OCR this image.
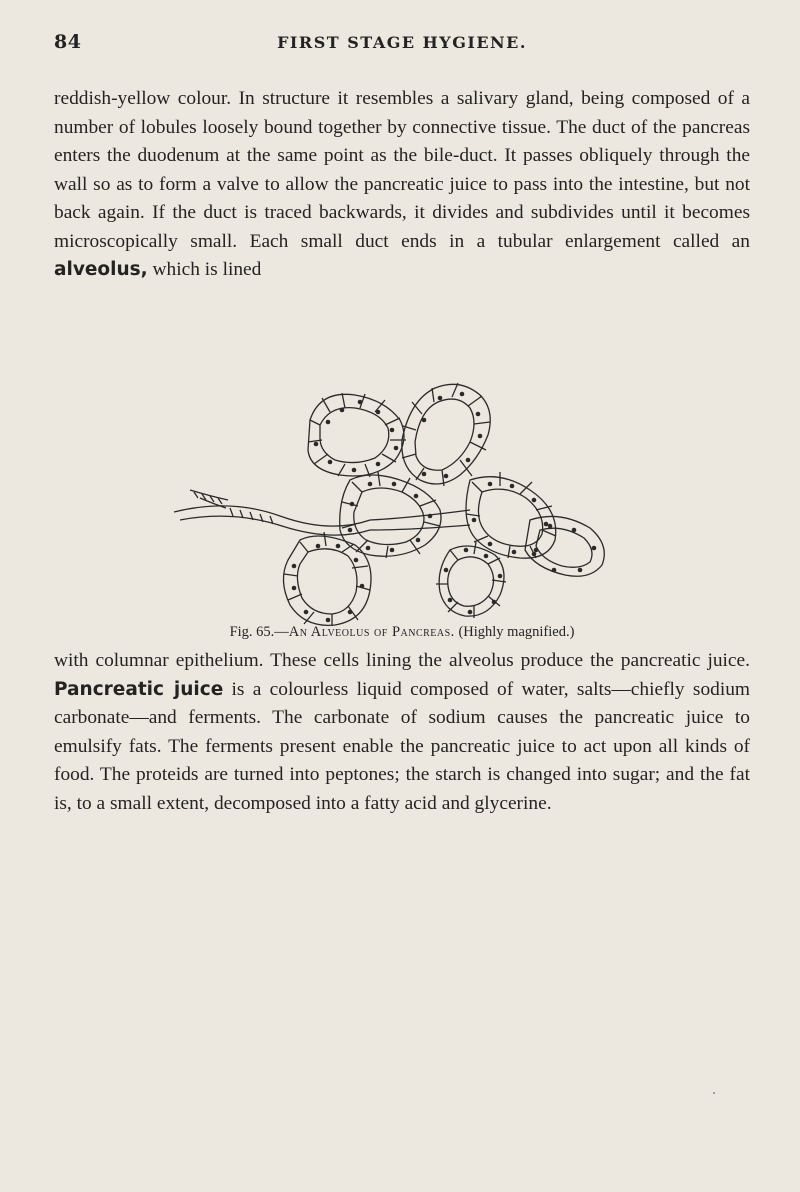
84	FIRST STAGE HYGIENE.

reddish-yellow colour. In structure it resembles a salivary gland, being composed of a number of lobules loosely bound together by connective tissue. The duct of the pancreas enters the duodenum at the same point as the bile-duct. It passes obliquely through the wall so as to form a valve to allow the pancreatic juice to pass into the intestine, but not back again. If the duct is traced backwards, it divides and subdivides until it becomes microscopically small. Each small duct ends in a tubular enlargement called an alveolus, which is lined

Fig. 65.—An Alveolus of Pancreas. (Highly magnified.)

with columnar epithelium. These cells lining the alveolus produce the pancreatic juice. Pancreatic juice is a colourless liquid composed of water, salts—chiefly sodium carbonate—and ferments. The carbonate of sodium causes the pancreatic juice to emulsify fats. The ferments present enable the pancreatic juice to act upon all kinds of food. The proteids are turned into peptones; the starch is changed into sugar; and the fat is, to a small extent, decomposed into a fatty acid and glycerine.
